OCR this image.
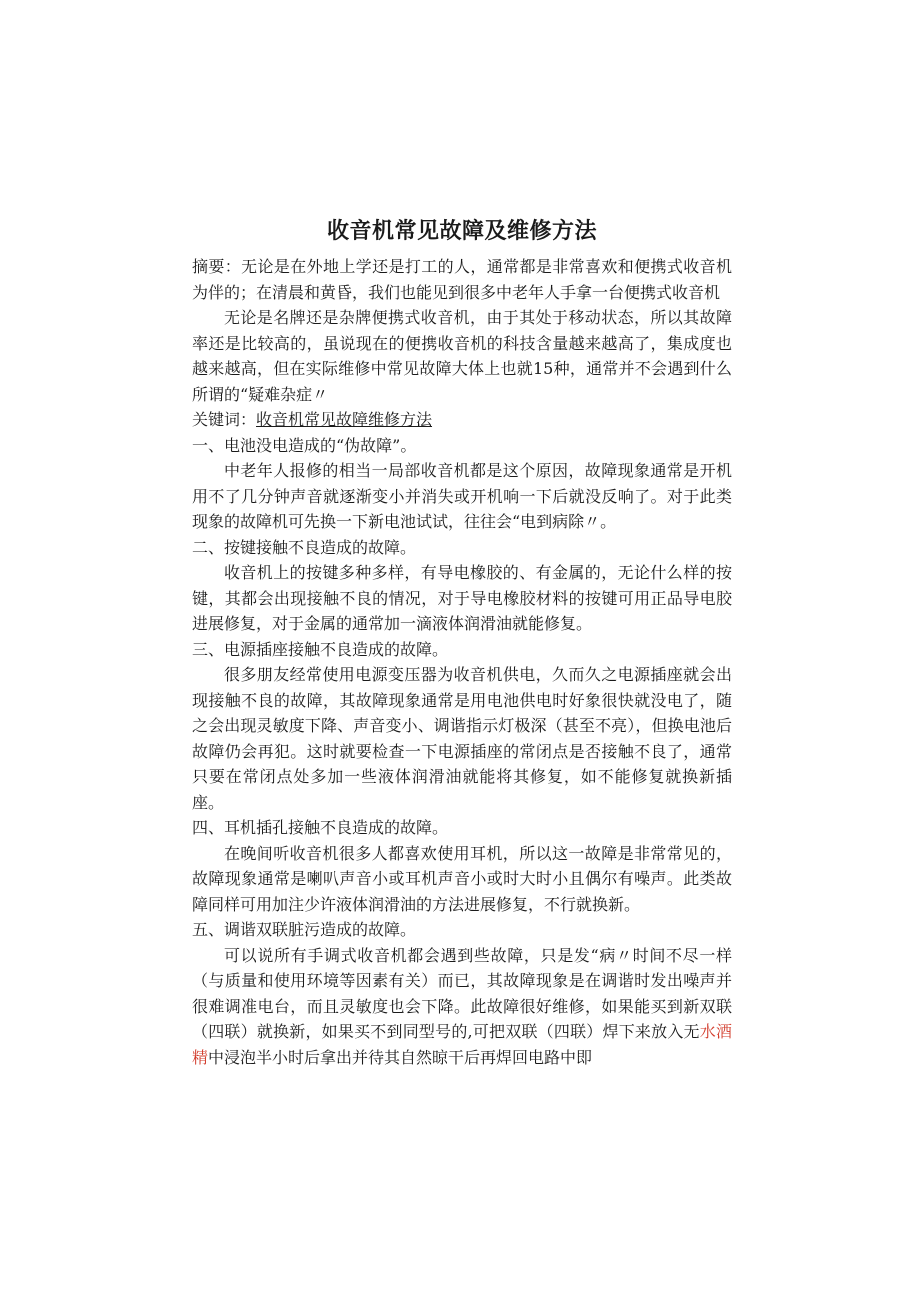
收音机常见故障及维修方法

摘要：无论是在外地上学还是打工的人，通常都是非常喜欢和便携式收音机为伴的；在清晨和黄昏，我们也能见到很多中老年人手拿一台便携式收音机

无论是名牌还是杂牌便携式收音机，由于其处于移动状态，所以其故障率还是比较高的，虽说现在的便携收音机的科技含量越来越高了，集成度也越来越高，但在实际维修中常见故障大体上也就15种，通常并不会遇到什么所谓的“疑难杂症〃

关键词：收音机常见故障维修方法

一、电池没电造成的“伪故障”。

中老年人报修的相当一局部收音机都是这个原因，故障现象通常是开机用不了几分钟声音就逐渐变小并消失或开机响一下后就没反响了。对于此类现象的故障机可先换一下新电池试试，往往会“电到病除〃。

二、按键接触不良造成的故障。

收音机上的按键多种多样，有导电橡胶的、有金属的，无论什么样的按键，其都会出现接触不良的情况，对于导电橡胶材料的按键可用正品导电胶进展修复，对于金属的通常加一滴液体润滑油就能修复。

三、电源插座接触不良造成的故障。

很多朋友经常使用电源变压器为收音机供电，久而久之电源插座就会出现接触不良的故障，其故障现象通常是用电池供电时好象很快就没电了，随之会出现灵敏度下降、声音变小、调谐指示灯极深（甚至不亮），但换电池后故障仍会再犯。这时就要检查一下电源插座的常闭点是否接触不良了，通常只要在常闭点处多加一些液体润滑油就能将其修复，如不能修复就换新插座。

四、耳机插孔接触不良造成的故障。

在晚间听收音机很多人都喜欢使用耳机，所以这一故障是非常常见的，故障现象通常是喇叭声音小或耳机声音小或时大时小且偶尔有噪声。此类故障同样可用加注少许液体润滑油的方法进展修复，不行就换新。

五、调谐双联脏污造成的故障。

可以说所有手调式收音机都会遇到些故障，只是发“病〃时间不尽一样（与质量和使用环境等因素有关）而已，其故障现象是在调谐时发出噪声并很难调准电台，而且灵敏度也会下降。此故障很好维修，如果能买到新双联（四联）就换新，如果买不到同型号的,可把双联（四联）焊下来放入无水酒精中浸泡半小时后拿出并待其自然晾干后再焊回电路中即
